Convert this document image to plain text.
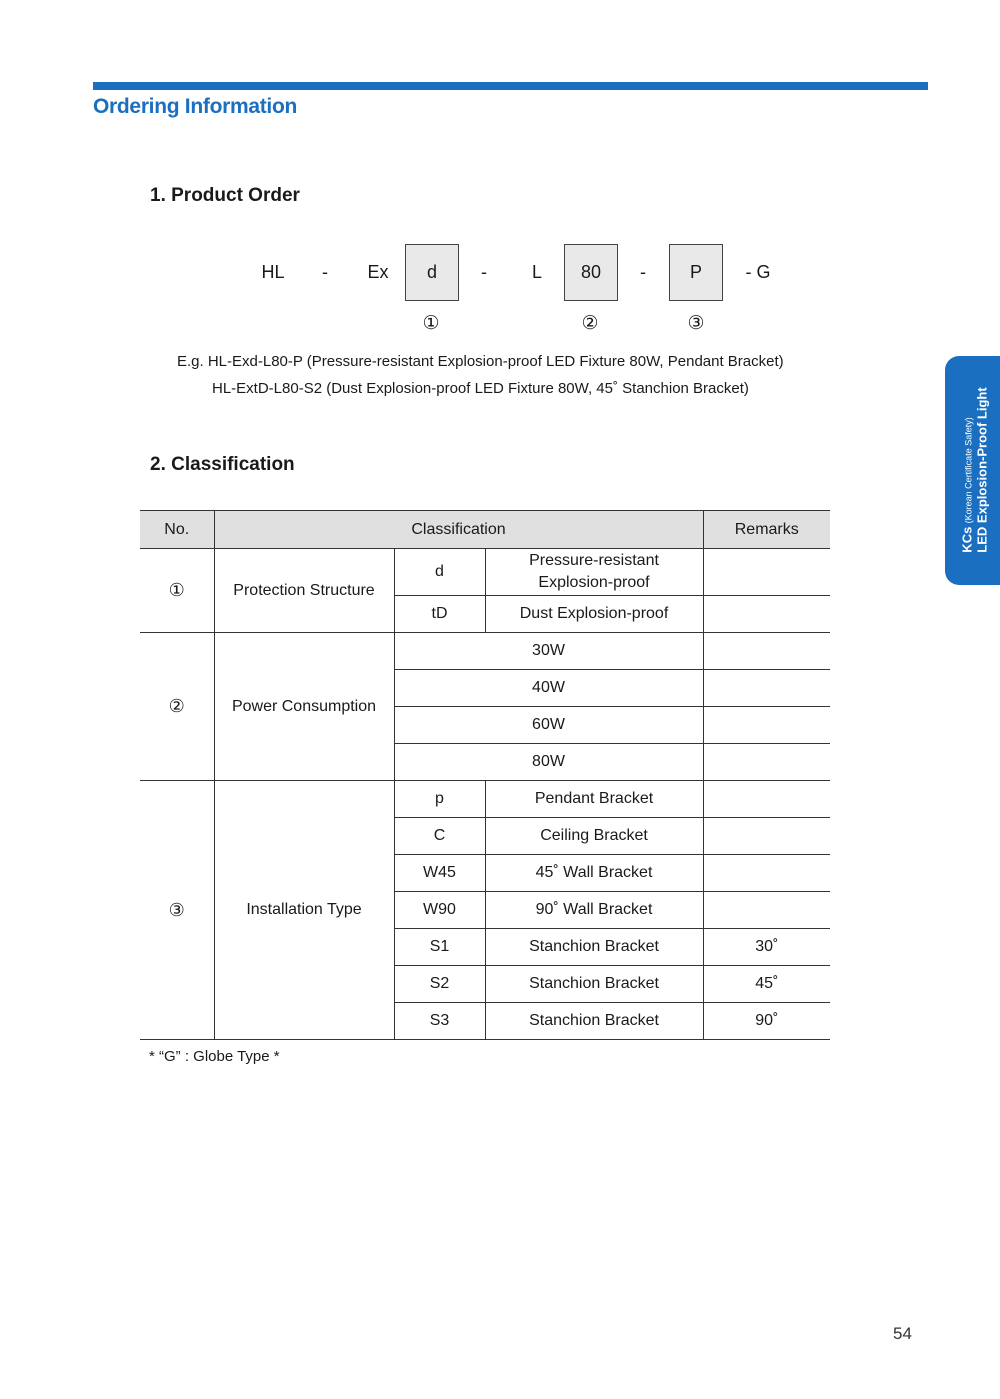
Ordering Information
1. Product Order
HL	-	Ex	d	-	L	80	-	P	- G
①	②	③
E.g. HL-Exd-L80-P (Pressure-resistant Explosion-proof LED Fixture 80W, Pendant Bracket)
HL-ExtD-L80-S2 (Dust Explosion-proof LED Fixture 80W, 45˚ Stanchion Bracket)
2. Classification
No.	Classification			Remarks
①	Protection Structure	d	Pressure-resistant Explosion-proof	
		tD	Dust Explosion-proof	
②	Power Consumption	30W		
		40W		
		60W		
		80W		
③	Installation Type	p	Pendant Bracket	
		C	Ceiling Bracket	
		W45	45˚ Wall Bracket	
		W90	90˚ Wall Bracket	
		S1	Stanchion Bracket	30˚
		S2	Stanchion Bracket	45˚
		S3	Stanchion Bracket	90˚
* “G” : Globe Type *
KCs (Korean Certificate Safety) LED Explosion-Proof Light
54
